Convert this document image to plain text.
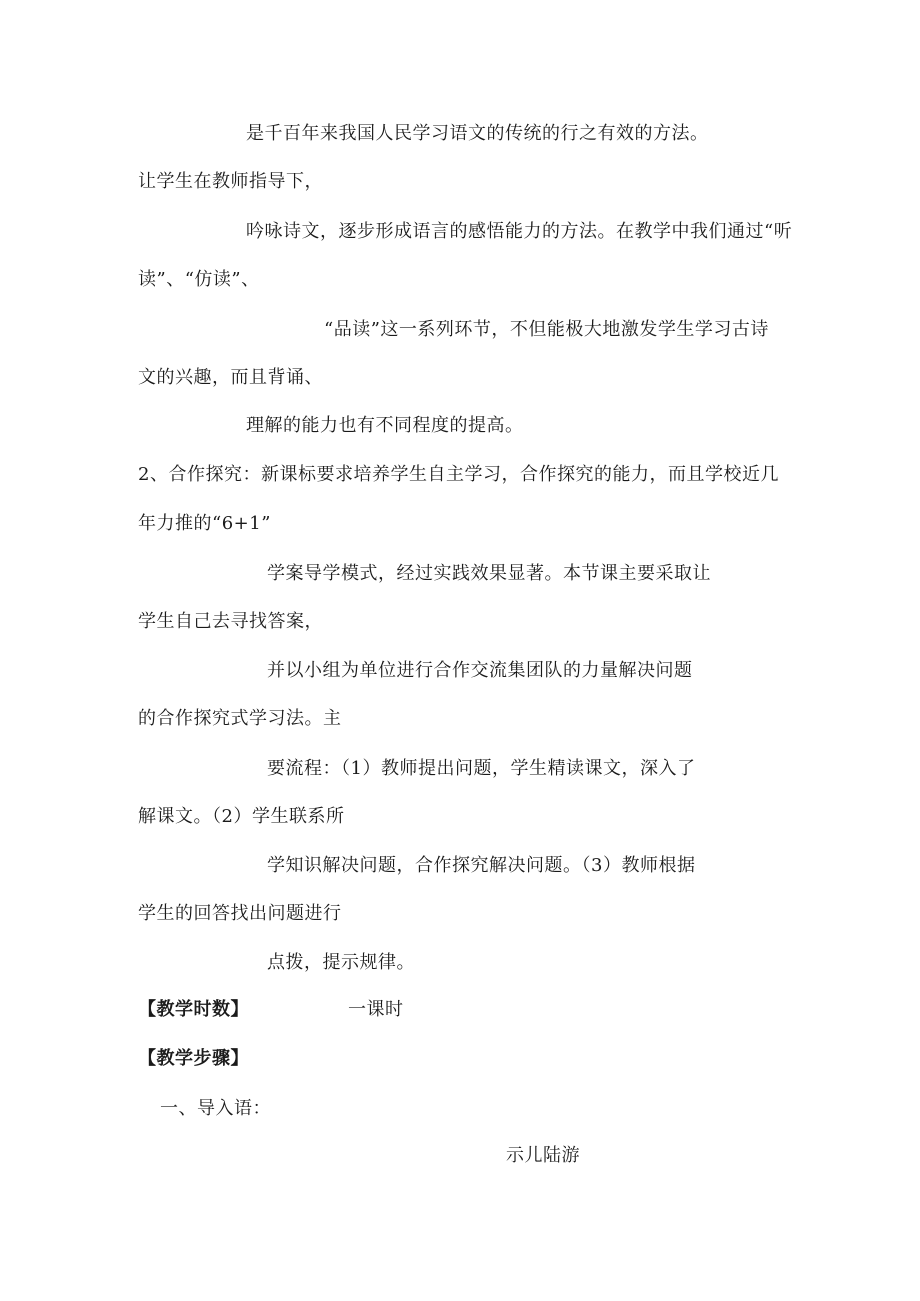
是千百年来我国人民学习语文的传统的行之有效的方法。
让学生在教师指导下，
吟咏诗文，逐步形成语言的感悟能力的方法。在教学中我们通过“听
读”、“仿读”、
“品读”这一系列环节，不但能极大地激发学生学习古诗
文的兴趣，而且背诵、
理解的能力也有不同程度的提高。
2、合作探究：新课标要求培养学生自主学习，合作探究的能力，而且学校近几
年力推的“6+1”
学案导学模式，经过实践效果显著。本节课主要采取让
学生自己去寻找答案，
并以小组为单位进行合作交流集团队的力量解决问题
的合作探究式学习法。主
要流程：（1）教师提出问题，学生精读课文，深入了
解课文。（2）学生联系所
学知识解决问题，合作探究解决问题。（3）教师根据
学生的回答找出问题进行
点拨，提示规律。
【教学时数】	一课时
【教学步骤】
一、导入语：
示儿陆游
